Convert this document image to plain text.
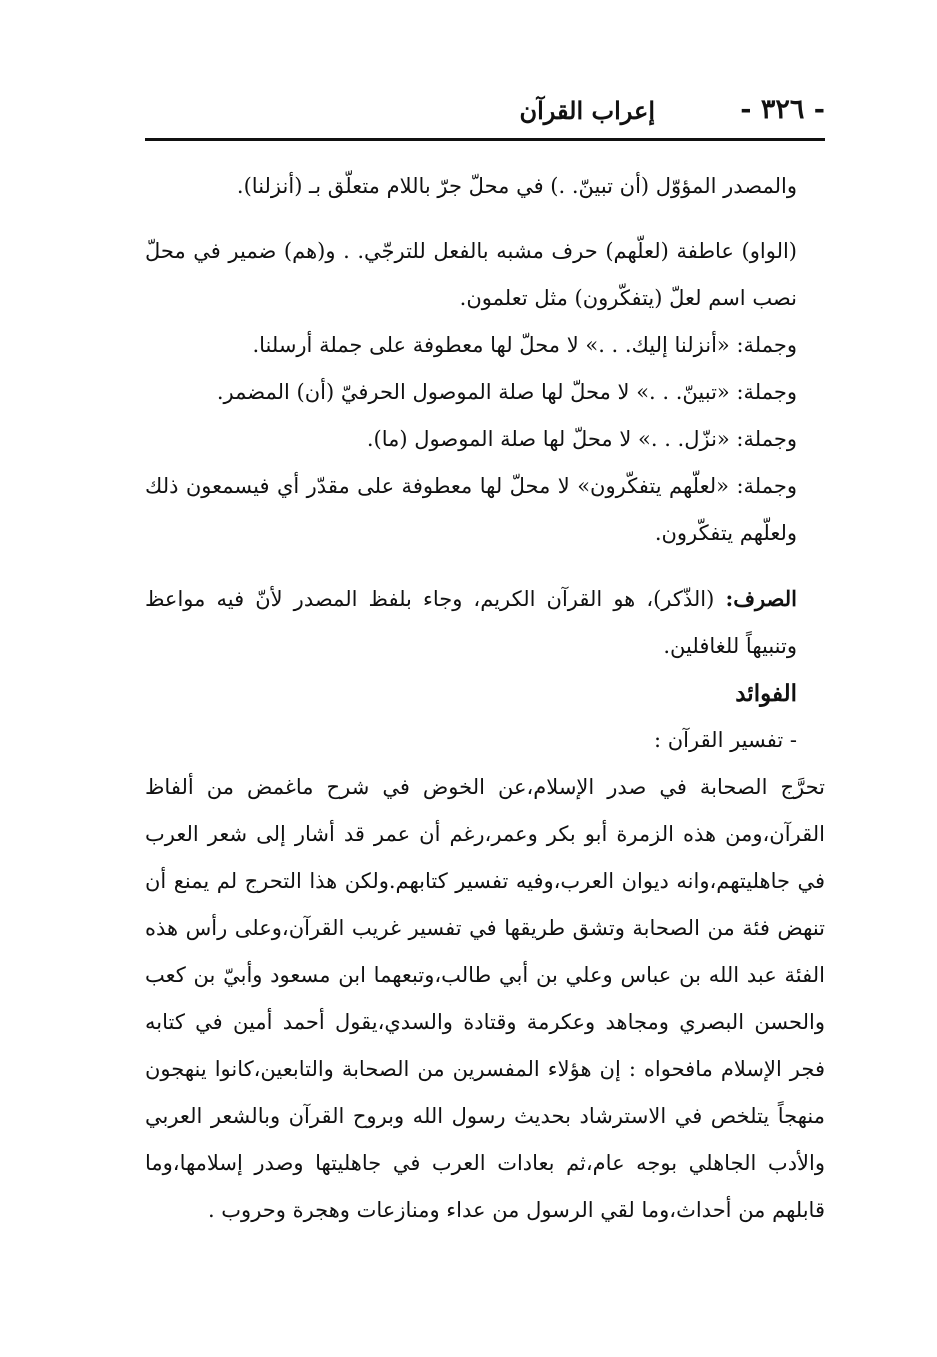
- ٣٢٦ -
إعراب القرآن

والمصدر المؤوّل (أن تبينّ. .) في محلّ جرّ باللام متعلّق بـ (أنزلنا).

(الواو) عاطفة (لعلّهم) حرف مشبه بالفعل للترجّي. . و(هم) ضمير في محلّ نصب اسم لعلّ (يتفكّرون) مثل تعلمون.

وجملة: «أنزلنا إليك. . .» لا محلّ لها معطوفة على جملة أرسلنا.

وجملة: «تبينّ. . .» لا محلّ لها صلة الموصول الحرفيّ (أن) المضمر.

وجملة: «نزّل. . .» لا محلّ لها صلة الموصول (ما).

وجملة: «لعلّهم يتفكّرون» لا محلّ لها معطوفة على مقدّر أي فيسمعون ذلك ولعلّهم يتفكّرون.

الصرف: (الذّكر)، هو القرآن الكريم، وجاء بلفظ المصدر لأنّ فيه مواعظ وتنبيهاً للغافلين.

الفوائد

- تفسير القرآن :

تحرَّج الصحابة في صدر الإسلام،عن الخوض في شرح ماغمض من ألفاظ القرآن،ومن هذه الزمرة أبو بكر وعمر،رغم أن عمر قد أشار إلى شعر العرب في جاهليتهم،وانه ديوان العرب،وفيه تفسير كتابهم.ولكن هذا التحرج لم يمنع أن تنهض فئة من الصحابة وتشق طريقها في تفسير غريب القرآن،وعلى رأس هذه الفئة عبد الله بن عباس وعلي بن أبي طالب،وتبعهما ابن مسعود وأبيّ بن كعب والحسن البصري ومجاهد وعكرمة وقتادة والسدي،يقول أحمد أمين في كتابه فجر الإسلام مافحواه : إن هؤلاء المفسرين من الصحابة والتابعين،كانوا ينهجون منهجاً يتلخص في الاسترشاد بحديث رسول الله وبروح القرآن وبالشعر العربي والأدب الجاهلي بوجه عام،ثم بعادات العرب في جاهليتها وصدر إسلامها،وما قابلهم من أحداث،وما لقي الرسول من عداء ومنازعات وهجرة وحروب .
